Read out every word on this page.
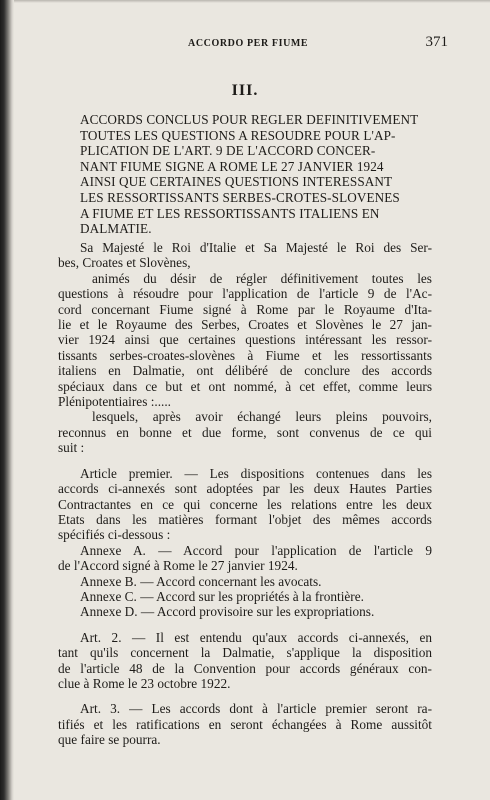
ACCORDO PER FIUME	371
III.
ACCORDS CONCLUS POUR REGLER DEFINITIVEMENT
TOUTES LES QUESTIONS A RESOUDRE POUR L'AP-
PLICATION DE L'ART. 9 DE L'ACCORD CONCER-
NANT FIUME SIGNE A ROME LE 27 JANVIER 1924
AINSI QUE CERTAINES QUESTIONS INTERESSANT
LES RESSORTISSANTS SERBES-CROTES-SLOVENES
A FIUME ET LES RESSORTISSANTS ITALIENS EN
DALMATIE.

Sa Majesté le Roi d'Italie et Sa Majesté le Roi des Ser-
bes, Croates et Slovènes,

animés du désir de régler définitivement toutes les
questions à résoudre pour l'application de l'article 9 de l'Ac-
cord concernant Fiume signé à Rome par le Royaume d'Ita-
lie et le Royaume des Serbes, Croates et Slovènes le 27 jan-
vier 1924 ainsi que certaines questions intéressant les ressor-
tissants serbes-croates-slovènes à Fiume et les ressortissants
italiens en Dalmatie, ont délibéré de conclure des accords
spéciaux dans ce but et ont nommé, à cet effet, comme leurs
Plénipotentiaires :.....

lesquels, après avoir échangé leurs pleins pouvoirs,
reconnus en bonne et due forme, sont convenus de ce qui
suit :

Article premier. — Les dispositions contenues dans les
accords ci-annexés sont adoptées par les deux Hautes Parties
Contractantes en ce qui concerne les relations entre les deux
Etats dans les matières formant l'objet des mêmes accords
spécifiés ci-dessous :

Annexe A. — Accord pour l'application de l'article 9
de l'Accord signé à Rome le 27 janvier 1924.

Annexe B. — Accord concernant les avocats.

Annexe C. — Accord sur les propriétés à la frontière.

Annexe D. — Accord provisoire sur les expropriations.

Art. 2. — Il est entendu qu'aux accords ci-annexés, en
tant qu'ils concernent la Dalmatie, s'applique la disposition
de l'article 48 de la Convention pour accords généraux con-
clue à Rome le 23 octobre 1922.

Art. 3. — Les accords dont à l'article premier seront ra-
tifiés et les ratifications en seront échangées à Rome aussitôt
que faire se pourra.
